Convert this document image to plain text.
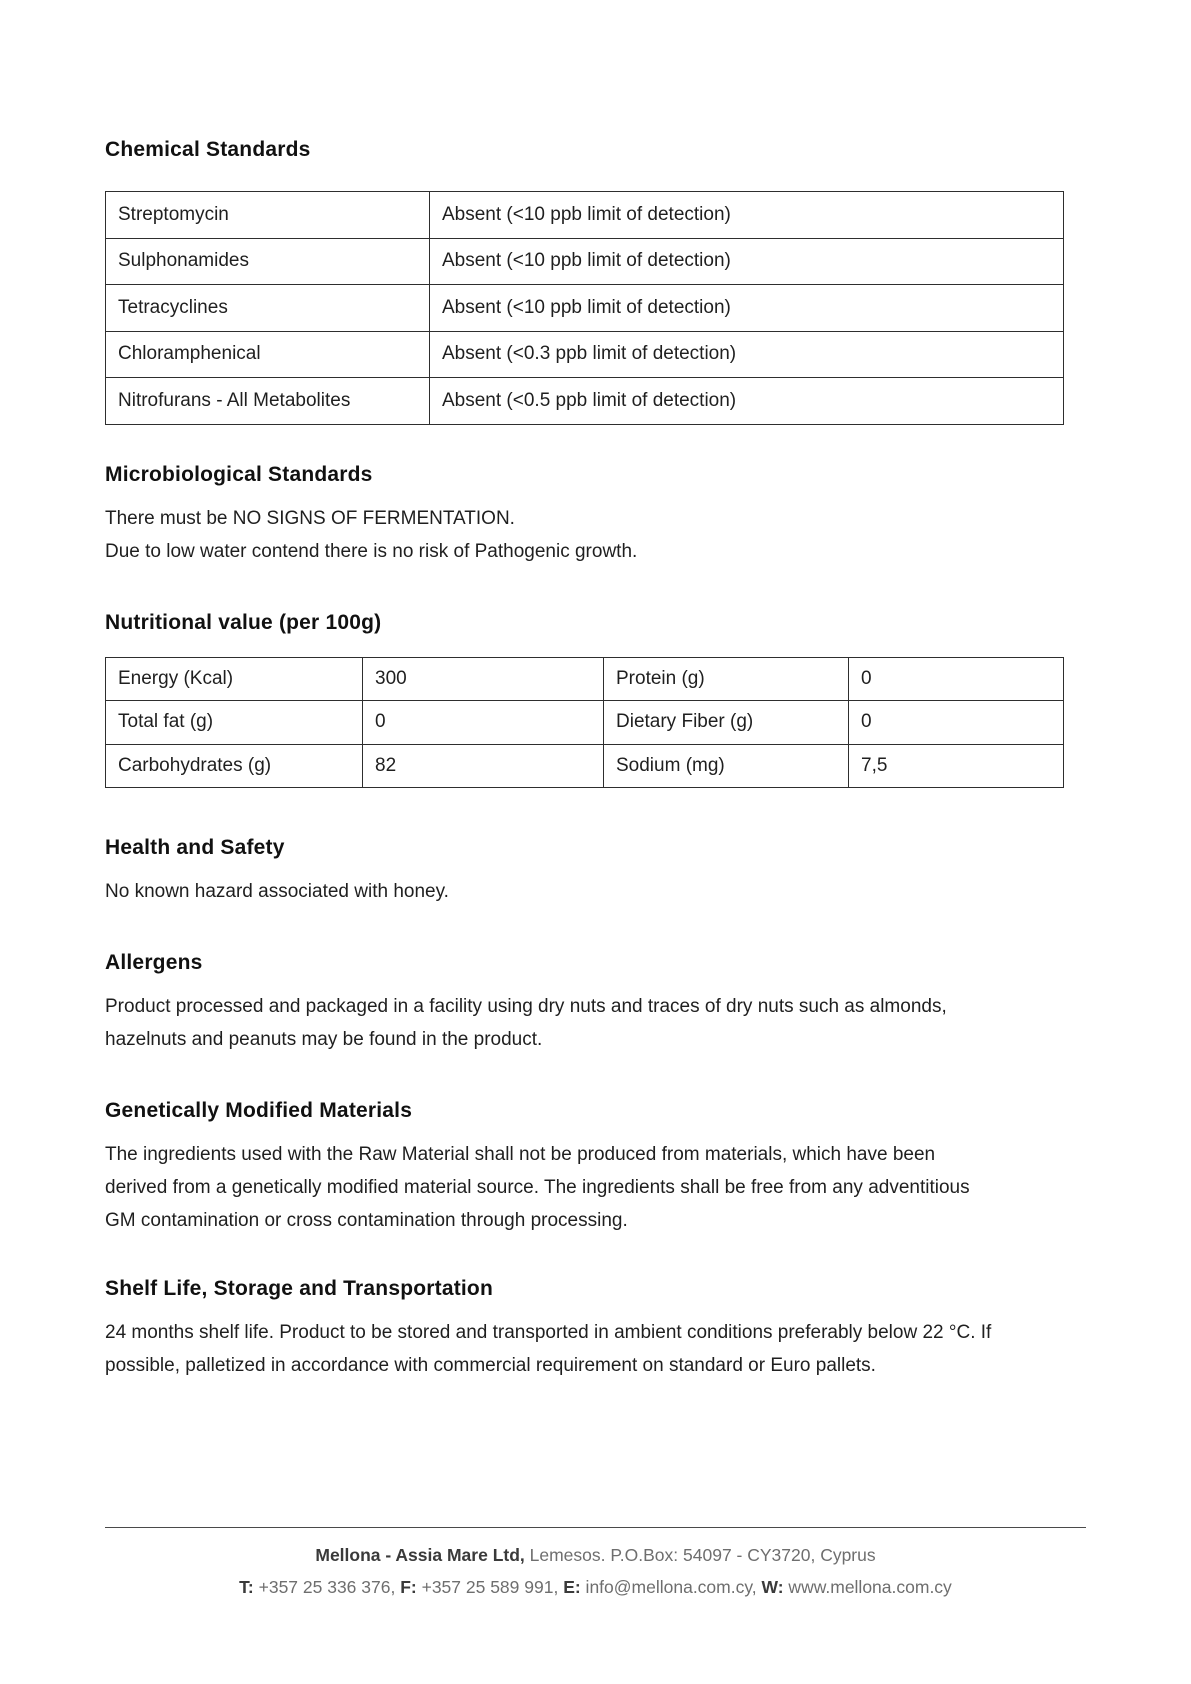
Chemical Standards
Streptomycin	Absent (<10 ppb limit of detection)
Sulphonamides	Absent (<10 ppb limit of detection)
Tetracyclines	Absent (<10 ppb limit of detection)
Chloramphenical	Absent (<0.3 ppb limit of detection)
Nitrofurans - All Metabolites	Absent (<0.5 ppb limit of detection)
Microbiological Standards

There must be NO SIGNS OF FERMENTATION.

Due to low water contend there is no risk of Pathogenic growth.

Nutritional value (per 100g)
Energy (Kcal)	300	Protein (g)	0
Total fat (g)	0	Dietary Fiber (g)	0
Carbohydrates (g)	82	Sodium (mg)	7,5
Health and Safety

No known hazard associated with honey.

Allergens

Product processed and packaged in a facility using dry nuts and traces of dry nuts such as almonds, hazelnuts and peanuts may be found in the product.

Genetically Modified Materials

The ingredients used with the Raw Material shall not be produced from materials, which have been derived from a genetically modified material source. The ingredients shall be free from any adventitious GM contamination or cross contamination through processing.

Shelf Life, Storage and Transportation

24 months shelf life. Product to be stored and transported in ambient conditions preferably below 22 °C. If possible, palletized in accordance with commercial requirement on standard or Euro pallets.

Mellona - Assia Mare Ltd, Lemesos. P.O.Box: 54097 - CY3720, Cyprus
T: +357 25 336 376, F: +357 25 589 991, E: info@mellona.com.cy, W: www.mellona.com.cy
